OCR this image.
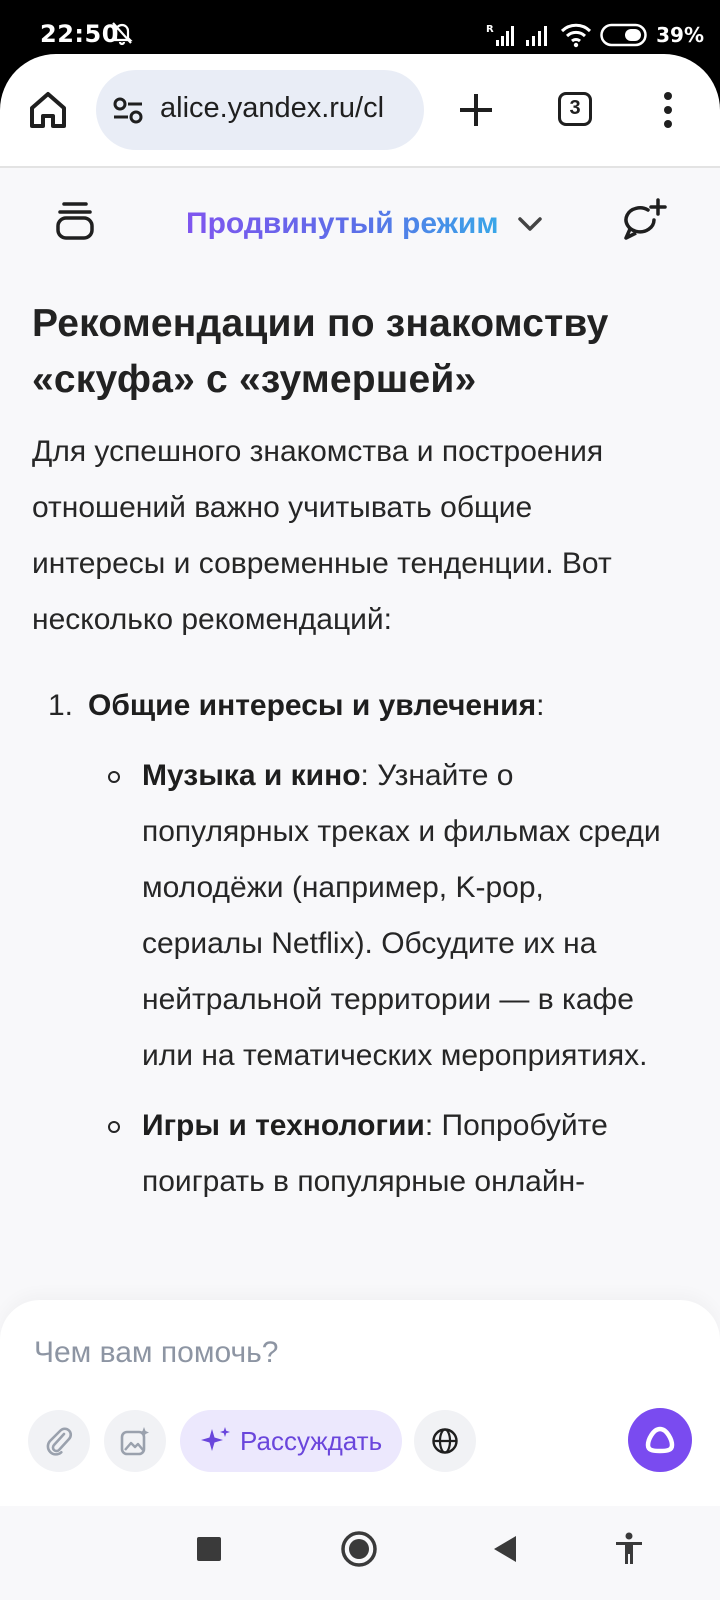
22:50	R	39%
alice.yandex.ru/cl	3
Продвинутый режим
Рекомендации по знакомству «скуфа» с «зумершей»

Для успешного знакомства и построения отношений важно учитывать общие интересы и современные тенденции. Вот несколько рекомендаций:

1. Общие интересы и увлечения:
Музыка и кино: Узнайте о популярных треках и фильмах среди молодёжи (например, K-pop, сериалы Netflix). Обсудите их на нейтральной территории — в кафе или на тематических мероприятиях.
Игры и технологии: Попробуйте поиграть в популярные онлайн-
Чем вам помочь?
Рассуждать
